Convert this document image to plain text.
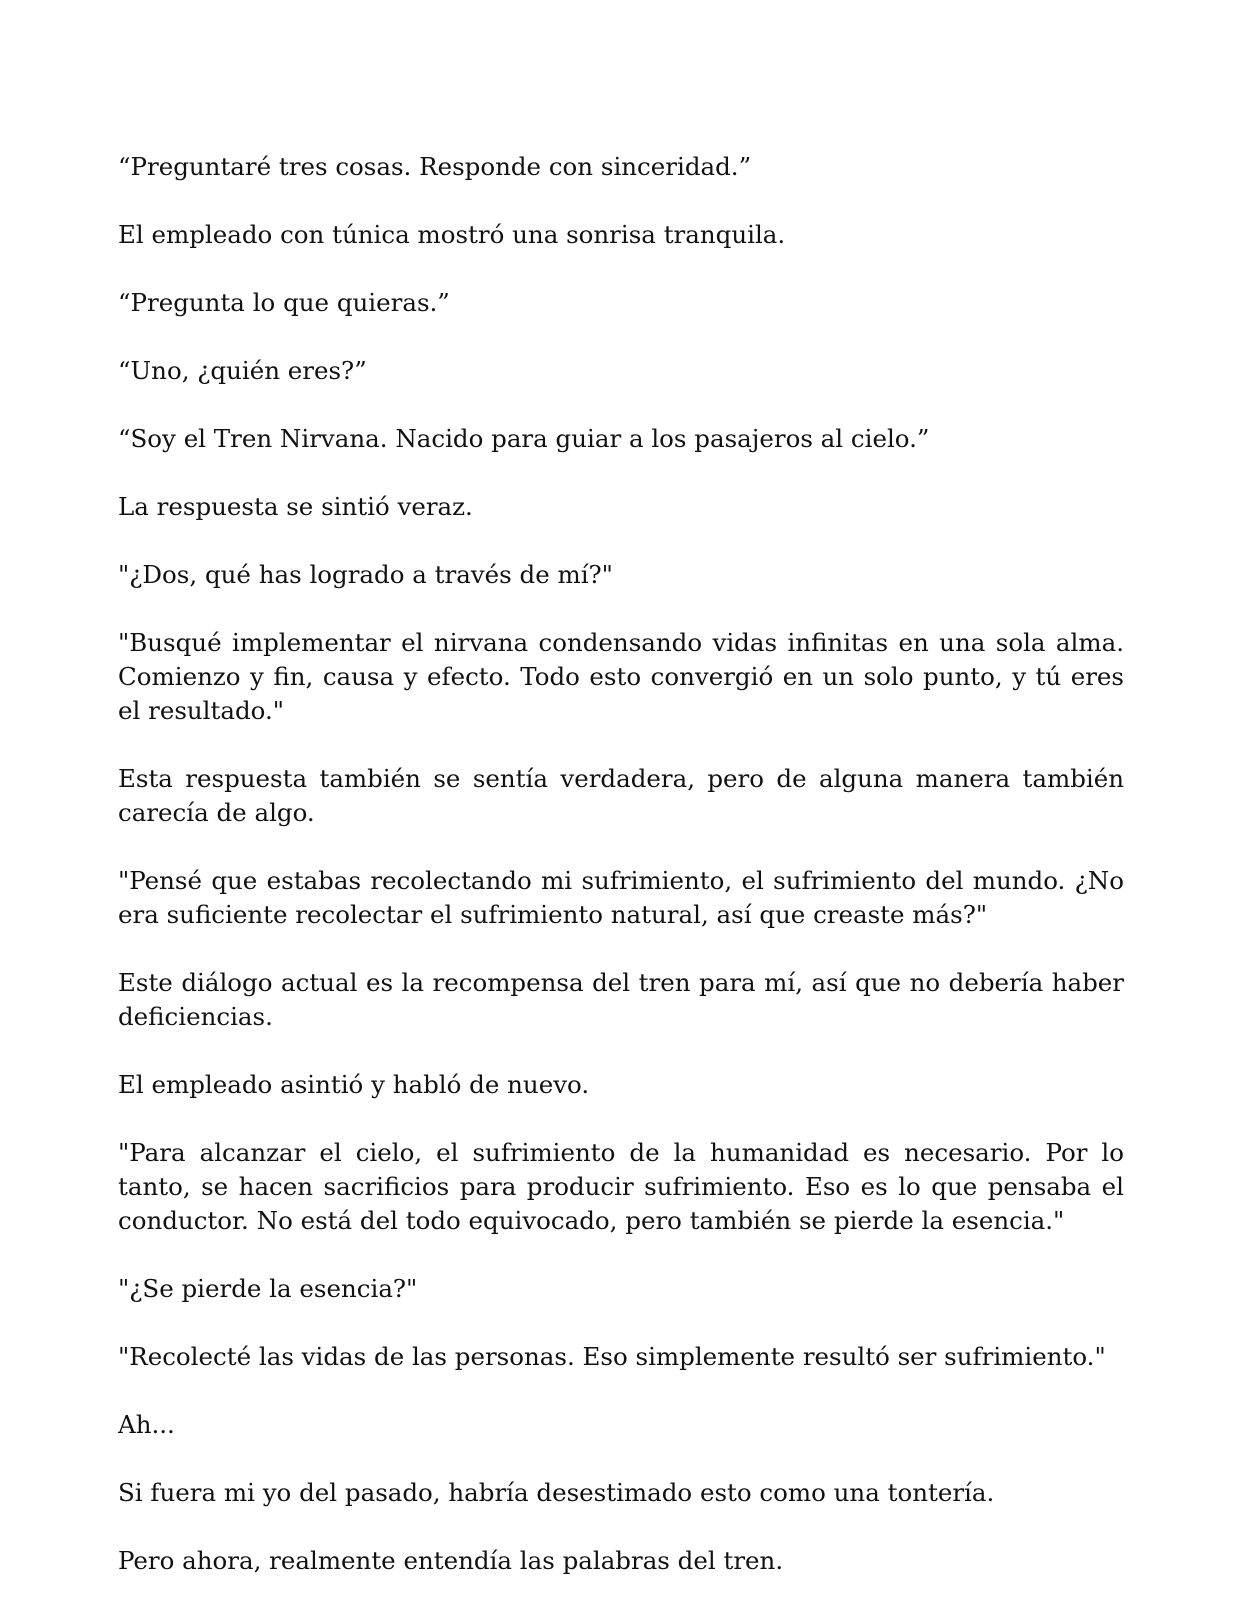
“Preguntaré tres cosas. Responde con sinceridad.”

El empleado con túnica mostró una sonrisa tranquila.

“Pregunta lo que quieras.”

“Uno, ¿quién eres?”

“Soy el Tren Nirvana. Nacido para guiar a los pasajeros al cielo.”

La respuesta se sintió veraz.

"¿Dos, qué has logrado a través de mí?"

"Busqué implementar el nirvana condensando vidas infinitas en una sola alma. Comienzo y fin, causa y efecto. Todo esto convergió en un solo punto, y tú eres el resultado."

Esta respuesta también se sentía verdadera, pero de alguna manera también carecía de algo.

"Pensé que estabas recolectando mi sufrimiento, el sufrimiento del mundo. ¿No era suficiente recolectar el sufrimiento natural, así que creaste más?"

Este diálogo actual es la recompensa del tren para mí, así que no debería haber deficiencias.

El empleado asintió y habló de nuevo.

"Para alcanzar el cielo, el sufrimiento de la humanidad es necesario. Por lo tanto, se hacen sacrificios para producir sufrimiento. Eso es lo que pensaba el conductor. No está del todo equivocado, pero también se pierde la esencia."

"¿Se pierde la esencia?"

"Recolecté las vidas de las personas. Eso simplemente resultó ser sufrimiento."

Ah...

Si fuera mi yo del pasado, habría desestimado esto como una tontería.

Pero ahora, realmente entendía las palabras del tren.
